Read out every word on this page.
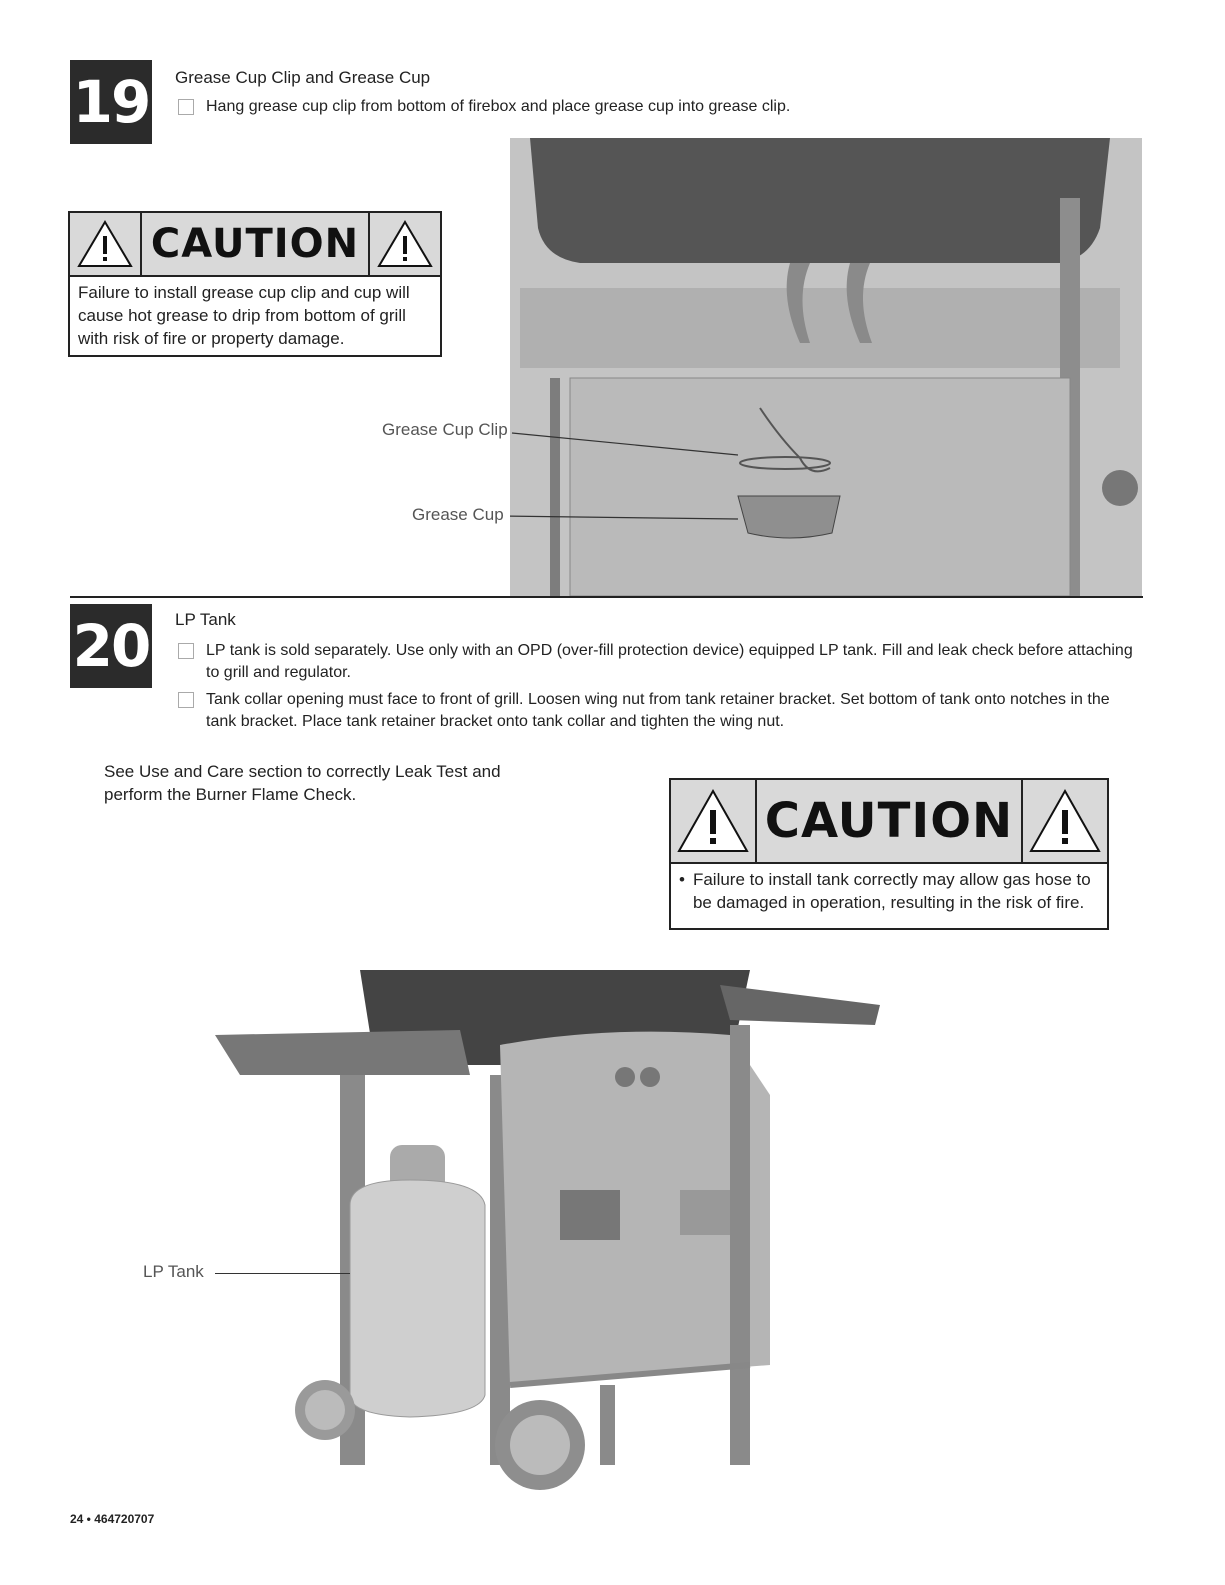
19 Grease Cup Clip and Grease Cup
Hang grease cup clip from bottom of firebox and place grease cup into grease clip.
CAUTION
Failure to install grease cup clip and cup will cause hot grease to drip from bottom of grill with risk of fire or property damage.
Grease Cup Clip
Grease Cup
20 LP Tank
LP tank is sold separately. Use only with an OPD (over-fill protection device) equipped LP tank. Fill and leak check before attaching to grill and regulator.
Tank collar opening must face to front of grill. Loosen wing nut from tank retainer bracket. Set bottom of tank onto notches in the tank bracket. Place tank retainer bracket onto tank collar and tighten the wing nut.
See Use and Care section to correctly Leak Test and perform the Burner Flame Check.	CAUTION
• Failure to install tank correctly may allow gas hose to be damaged in operation, resulting in the risk of fire.
LP Tank
24 • 464720707
